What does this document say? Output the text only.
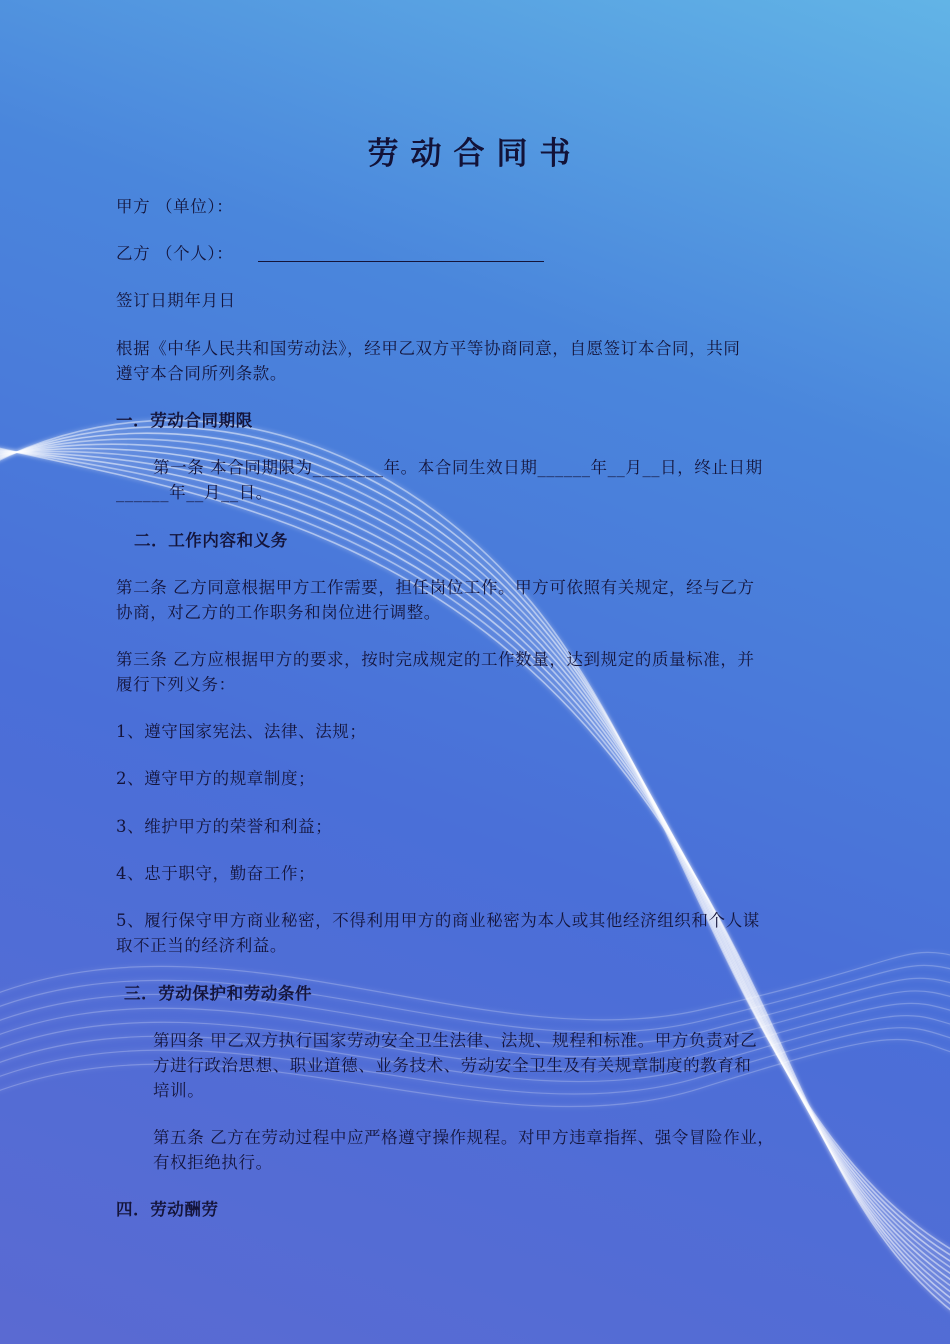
劳动合同书
甲方 （单位）：
乙方 （个人）：
签订日期年月日
根据《中华人民共和国劳动法》，经甲乙双方平等协商同意，自愿签订本合同，共同
遵守本合同所列条款。
一．劳动合同期限
第一条 本合同期限为________年。本合同生效日期______年__月__日，终止日期
______年__月__日。
二．工作内容和义务
第二条 乙方同意根据甲方工作需要，担任岗位工作。甲方可依照有关规定，经与乙方
协商，对乙方的工作职务和岗位进行调整。
第三条 乙方应根据甲方的要求，按时完成规定的工作数量，达到规定的质量标准，并
履行下列义务：
1、遵守国家宪法、法律、法规；
2、遵守甲方的规章制度；
3、维护甲方的荣誉和利益；
4、忠于职守，勤奋工作；
5、履行保守甲方商业秘密，不得利用甲方的商业秘密为本人或其他经济组织和个人谋
取不正当的经济利益。
三．劳动保护和劳动条件
第四条 甲乙双方执行国家劳动安全卫生法律、法规、规程和标准。甲方负责对乙
方进行政治思想、职业道德、业务技术、劳动安全卫生及有关规章制度的教育和
培训。
第五条 乙方在劳动过程中应严格遵守操作规程。对甲方违章指挥、强令冒险作业，
有权拒绝执行。
四．劳动酬劳
